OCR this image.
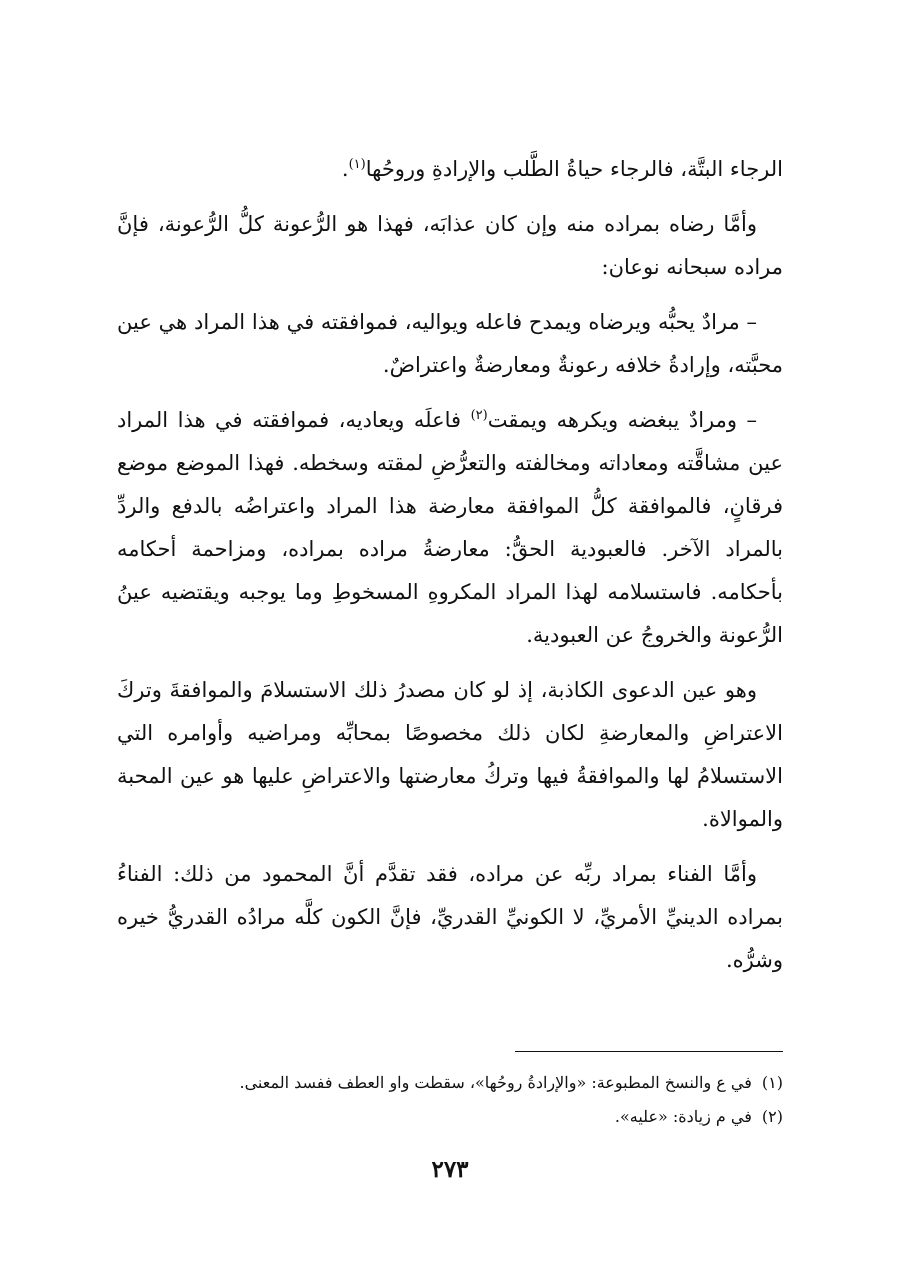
الرجاء البتَّة، فالرجاء حياةُ الطَّلب والإرادةِ وروحُها$^{(١)}$.

وأمَّا رضاه بمراده منه وإن كان عذابَه، فهذا هو الرُّعونة كلُّ الرُّعونة، فإنَّ مراده سبحانه نوعان:

– مرادٌ يحبُّه ويرضاه ويمدح فاعله ويواليه، فموافقته في هذا المراد هي عين محبَّته، وإرادةُ خلافه رعونةٌ ومعارضةٌ واعتراضٌ.

– ومرادٌ يبغضه ويكرهه ويمقت$^{(٢)}$ فاعلَه ويعاديه، فموافقته في هذا المراد عين مشاقَّته ومعاداته ومخالفته والتعرُّضِ لمقته وسخطه. فهذا الموضع موضع فرقانٍ، فالموافقة كلُّ الموافقة معارضة هذا المراد واعتراضُه بالدفع والردِّ بالمراد الآخر. فالعبودية الحقُّ: معارضةُ مراده بمراده، ومزاحمة أحكامه بأحكامه. فاستسلامه لهذا المراد المكروهِ المسخوطِ وما يوجبه ويقتضيه عينُ الرُّعونة والخروجُ عن العبودية.

وهو عين الدعوى الكاذبة، إذ لو كان مصدرُ ذلك الاستسلامَ والموافقةَ وتركَ الاعتراضِ والمعارضةِ لكان ذلك مخصوصًا بمحابِّه ومراضيه وأوامره التي الاستسلامُ لها والموافقةُ فيها وتركُ معارضتها والاعتراضِ عليها هو عين المحبة والموالاة.

وأمَّا الفناء بمراد ربِّه عن مراده، فقد تقدَّم أنَّ المحمود من ذلك: الفناءُ بمراده الدينيِّ الأمريِّ، لا الكونيِّ القدريِّ، فإنَّ الكون كلَّه مرادُه القدريُّ خيره وشرُّه.

(١)في ع والنسخ المطبوعة: «والإرادةُ روحُها»، سقطت واو العطف ففسد المعنى.

(٢)في م زيادة: «عليه».

٢٧٣
